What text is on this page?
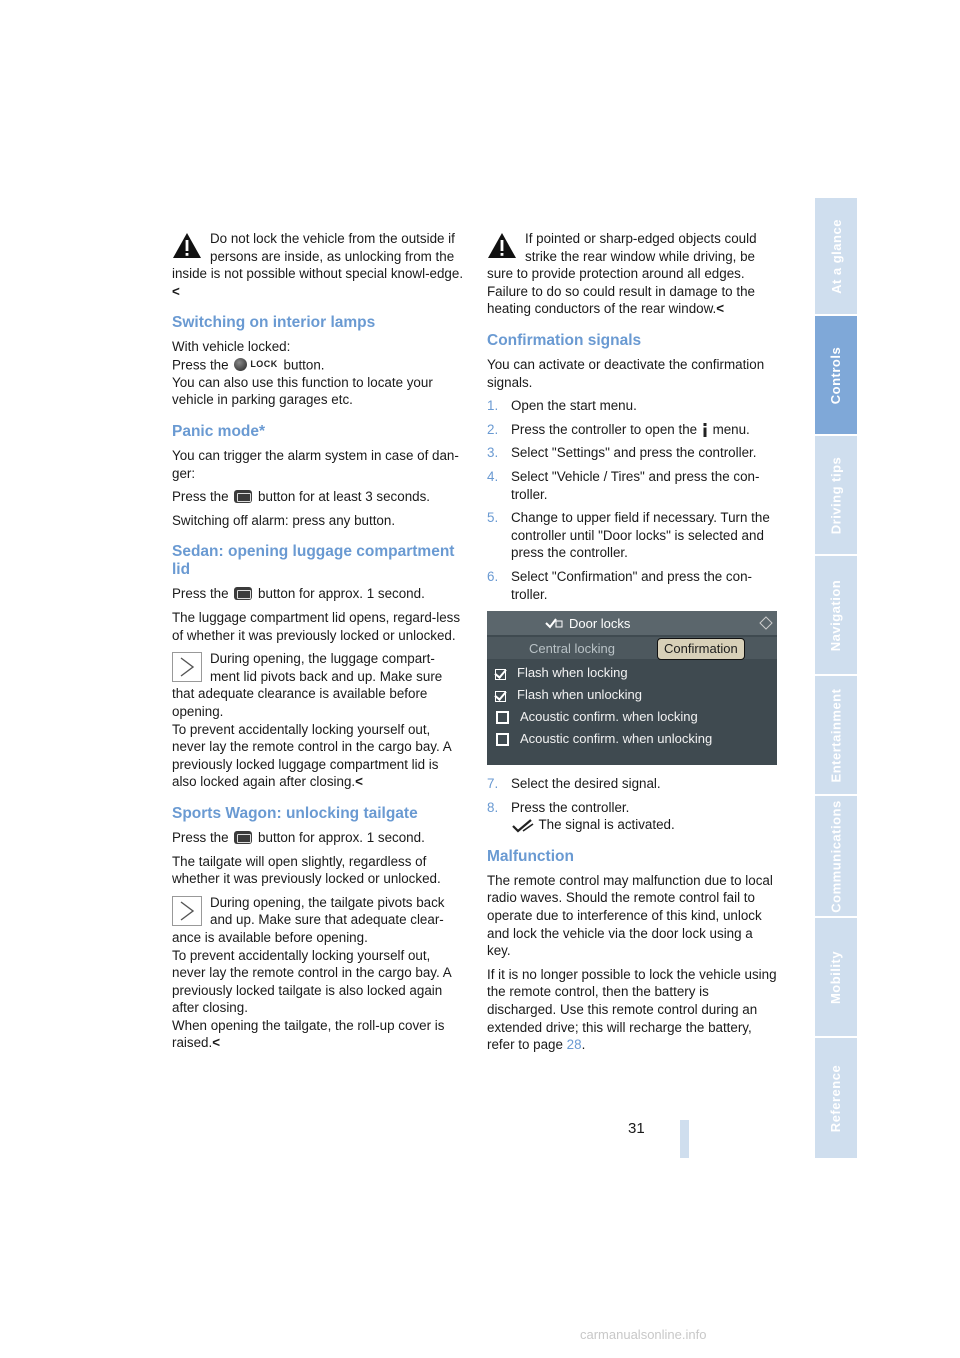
Do not lock the vehicle from the outside if persons are inside, as unlocking from the inside is not possible without special knowl-edge.<
Switching on interior lamps

With vehicle locked:

Press the LOCK button.

You can also use this function to locate your vehicle in parking garages etc.

Panic mode*

You can trigger the alarm system in case of dan-ger:

Press the button for at least 3 seconds.

Switching off alarm: press any button.

Sedan: opening luggage compartment lid

Press the button for approx. 1 second.

The luggage compartment lid opens, regard-less of whether it was previously locked or unlocked.

During opening, the luggage compart-ment lid pivots back and up. Make sure that adequate clearance is available before opening.
To prevent accidentally locking yourself out, never lay the remote control in the cargo bay. A previously locked luggage compartment lid is also locked again after closing.<
Sports Wagon: unlocking tailgate

Press the button for approx. 1 second.

The tailgate will open slightly, regardless of whether it was previously locked or unlocked.

During opening, the tailgate pivots back and up. Make sure that adequate clear-ance is available before opening.
To prevent accidentally locking yourself out, never lay the remote control in the cargo bay. A previously locked tailgate is also locked again after closing.
When opening the tailgate, the roll-up cover is raised.<
If pointed or sharp-edged objects could strike the rear window while driving, be sure to provide protection around all edges. Failure to do so could result in damage to the heating conductors of the rear window.<
Confirmation signals

You can activate or deactivate the confirmation signals.

1. Open the start menu.
2. Press the controller to open the menu.
3. Select "Settings" and press the controller.
4. Select "Vehicle / Tires" and press the con-troller.
5. Change to upper field if necessary. Turn the controller until "Door locks" is selected and press the controller.
6. Select "Confirmation" and press the con-troller.
Door locks
Central locking	Confirmation
Flash when locking
Flash when unlocking
Acoustic confirm. when locking
Acoustic confirm. when unlocking
7. Select the desired signal.
8. Press the controller.
The signal is activated.
Malfunction

The remote control may malfunction due to local radio waves. Should the remote control fail to operate due to interference of this kind, unlock and lock the vehicle via the door lock using a key.

If it is no longer possible to lock the vehicle using the remote control, then the battery is discharged. Use this remote control during an extended drive; this will recharge the battery, refer to page 28.

At a glance
Controls
Driving tips
Navigation
Entertainment
Communications
Mobility
Reference
31
carmanualsonline.info
